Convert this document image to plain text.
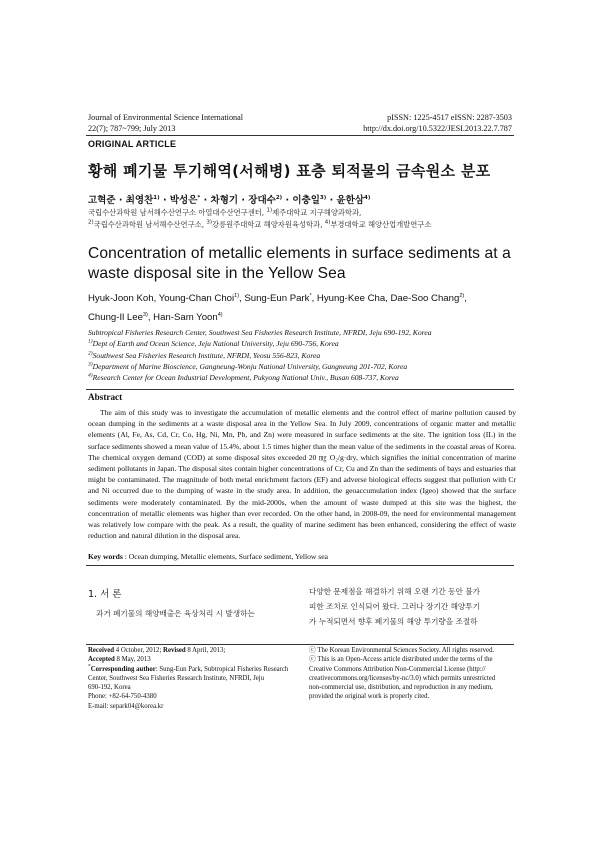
Journal of Environmental Science International
22(7); 787~799; July 2013
pISSN: 1225-4517 eISSN: 2287-3503
http://dx.doi.org/10.5322/JESI.2013.22.7.787
ORIGINAL ARTICLE
황해 폐기물 투기해역(서해병) 표층 퇴적물의 금속원소 분포
고혁준 · 최영찬$^{1)}$ · 박성은* · 차형기 · 장대수$^{2)}$ · 이충일$^{3)}$ · 윤한삼$^{4)}$
국립수산과학원 남서해수산연구소 아열대수산연구센터, $^{1)}$제주대학교 지구해양과학과,
$^{2)}$국립수산과학원 남서해수산연구소, $^{3)}$강릉원주대학교 해양자원육성학과, $^{4)}$부경대학교 해양산업개발연구소
Concentration of metallic elements in surface sediments at a waste disposal site in the Yellow Sea
Hyuk-Joon Koh, Young-Chan Choi$^{1)}$, Sung-Eun Park*, Hyung-Kee Cha, Dae-Soo Chang$^{2)}$,
Chung-Il Lee$^{3)}$, Han-Sam Yoon$^{4)}$
Subtropical Fisheries Research Center, Southwest Sea Fisheries Research Institute, NFRDI, Jeju 690-192, Korea
$^{1)}$Dept of Earth and Ocean Science, Jeju National University, Jeju 690-756, Korea
$^{2)}$Southwest Sea Fisheries Research Institute, NFRDI, Yeosu 556-823, Korea
$^{3)}$Department of Marine Bioscience, Gangneung-Wonju National University, Gangneung 201-702, Korea
$^{4)}$Research Center for Ocean Industrial Development, Pukyong National Univ., Busan 608-737, Korea
Abstract
The aim of this study was to investigate the accumulation of metallic elements and the control effect of marine pollution caused by ocean dumping in the sediments at a waste disposal area in the Yellow Sea. In July 2009, concentrations of organic matter and metallic elements (Al, Fe, As, Cd, Cr, Co, Hg, Ni, Mn, Pb, and Zn) were measured in surface sediments at the site. The ignition loss (IL) in the surface sediments showed a mean value of 15.4%, about 1.5 times higher than the mean value of the sediments in the coastal areas of Korea. The chemical oxygen demand (COD) at some disposal sites exceeded 20 ㎎ O₂/g·dry, which signifies the initial concentration of marine sediment pollutants in Japan. The disposal sites contain higher concentrations of Cr, Cu and Zn than the sediments of bays and estuaries that might be contaminated. The magnitude of both metal enrichment factors (EF) and adverse biological effects suggest that pollution with Cr and Ni occurred due to the dumping of waste in the study area. In addition, the geoaccumulation index (Igeo) showed that the surface sediments were moderately contaminated. By the mid-2000s, when the amount of waste dumped at this site was the highest, the concentration of metallic elements was higher than ever recorded. On the other hand, in 2008-09, the need for environmental management was relatively low compare with the peak. As a result, the quality of marine sediment has been enhanced, considering the effect of waste reduction and natural dilution in the disposal area.
Key words : Ocean dumping, Metallic elements, Surface sediment, Yellow sea
1. 서 론
과거 폐기물의 해양배출은 육상처리 시 발생하는
다양한 문제점을 해결하기 위해 오랜 기간 동안 불가
피한 조치로 인식되어 왔다. 그러나 장기간 해양투기
가 누적되면서 향후 폐기물의 해양 투기량을 조절하
Received 4 October, 2012; Revised 8 April, 2013;
Accepted 8 May, 2013
*Corresponding author: Sung-Eun Park, Subtropical Fisheries Research
Center, Southwest Sea Fisheries Research Institute, NFRDI, Jeju
690-192, Korea
Phone: +82-64-750-4380
E-mail: separk04@korea.kr
ⓒ The Korean Environmental Sciences Society. All rights reserved.
ⓒ This is an Open-Access article distributed under the terms of the
Creative Commons Attribution Non-Commercial License (http://
creativecommons.org/licenses/by-nc/3.0) which permits unrestricted
non-commercial use, distribution, and reproduction in any medium,
provided the original work is properly cited.
